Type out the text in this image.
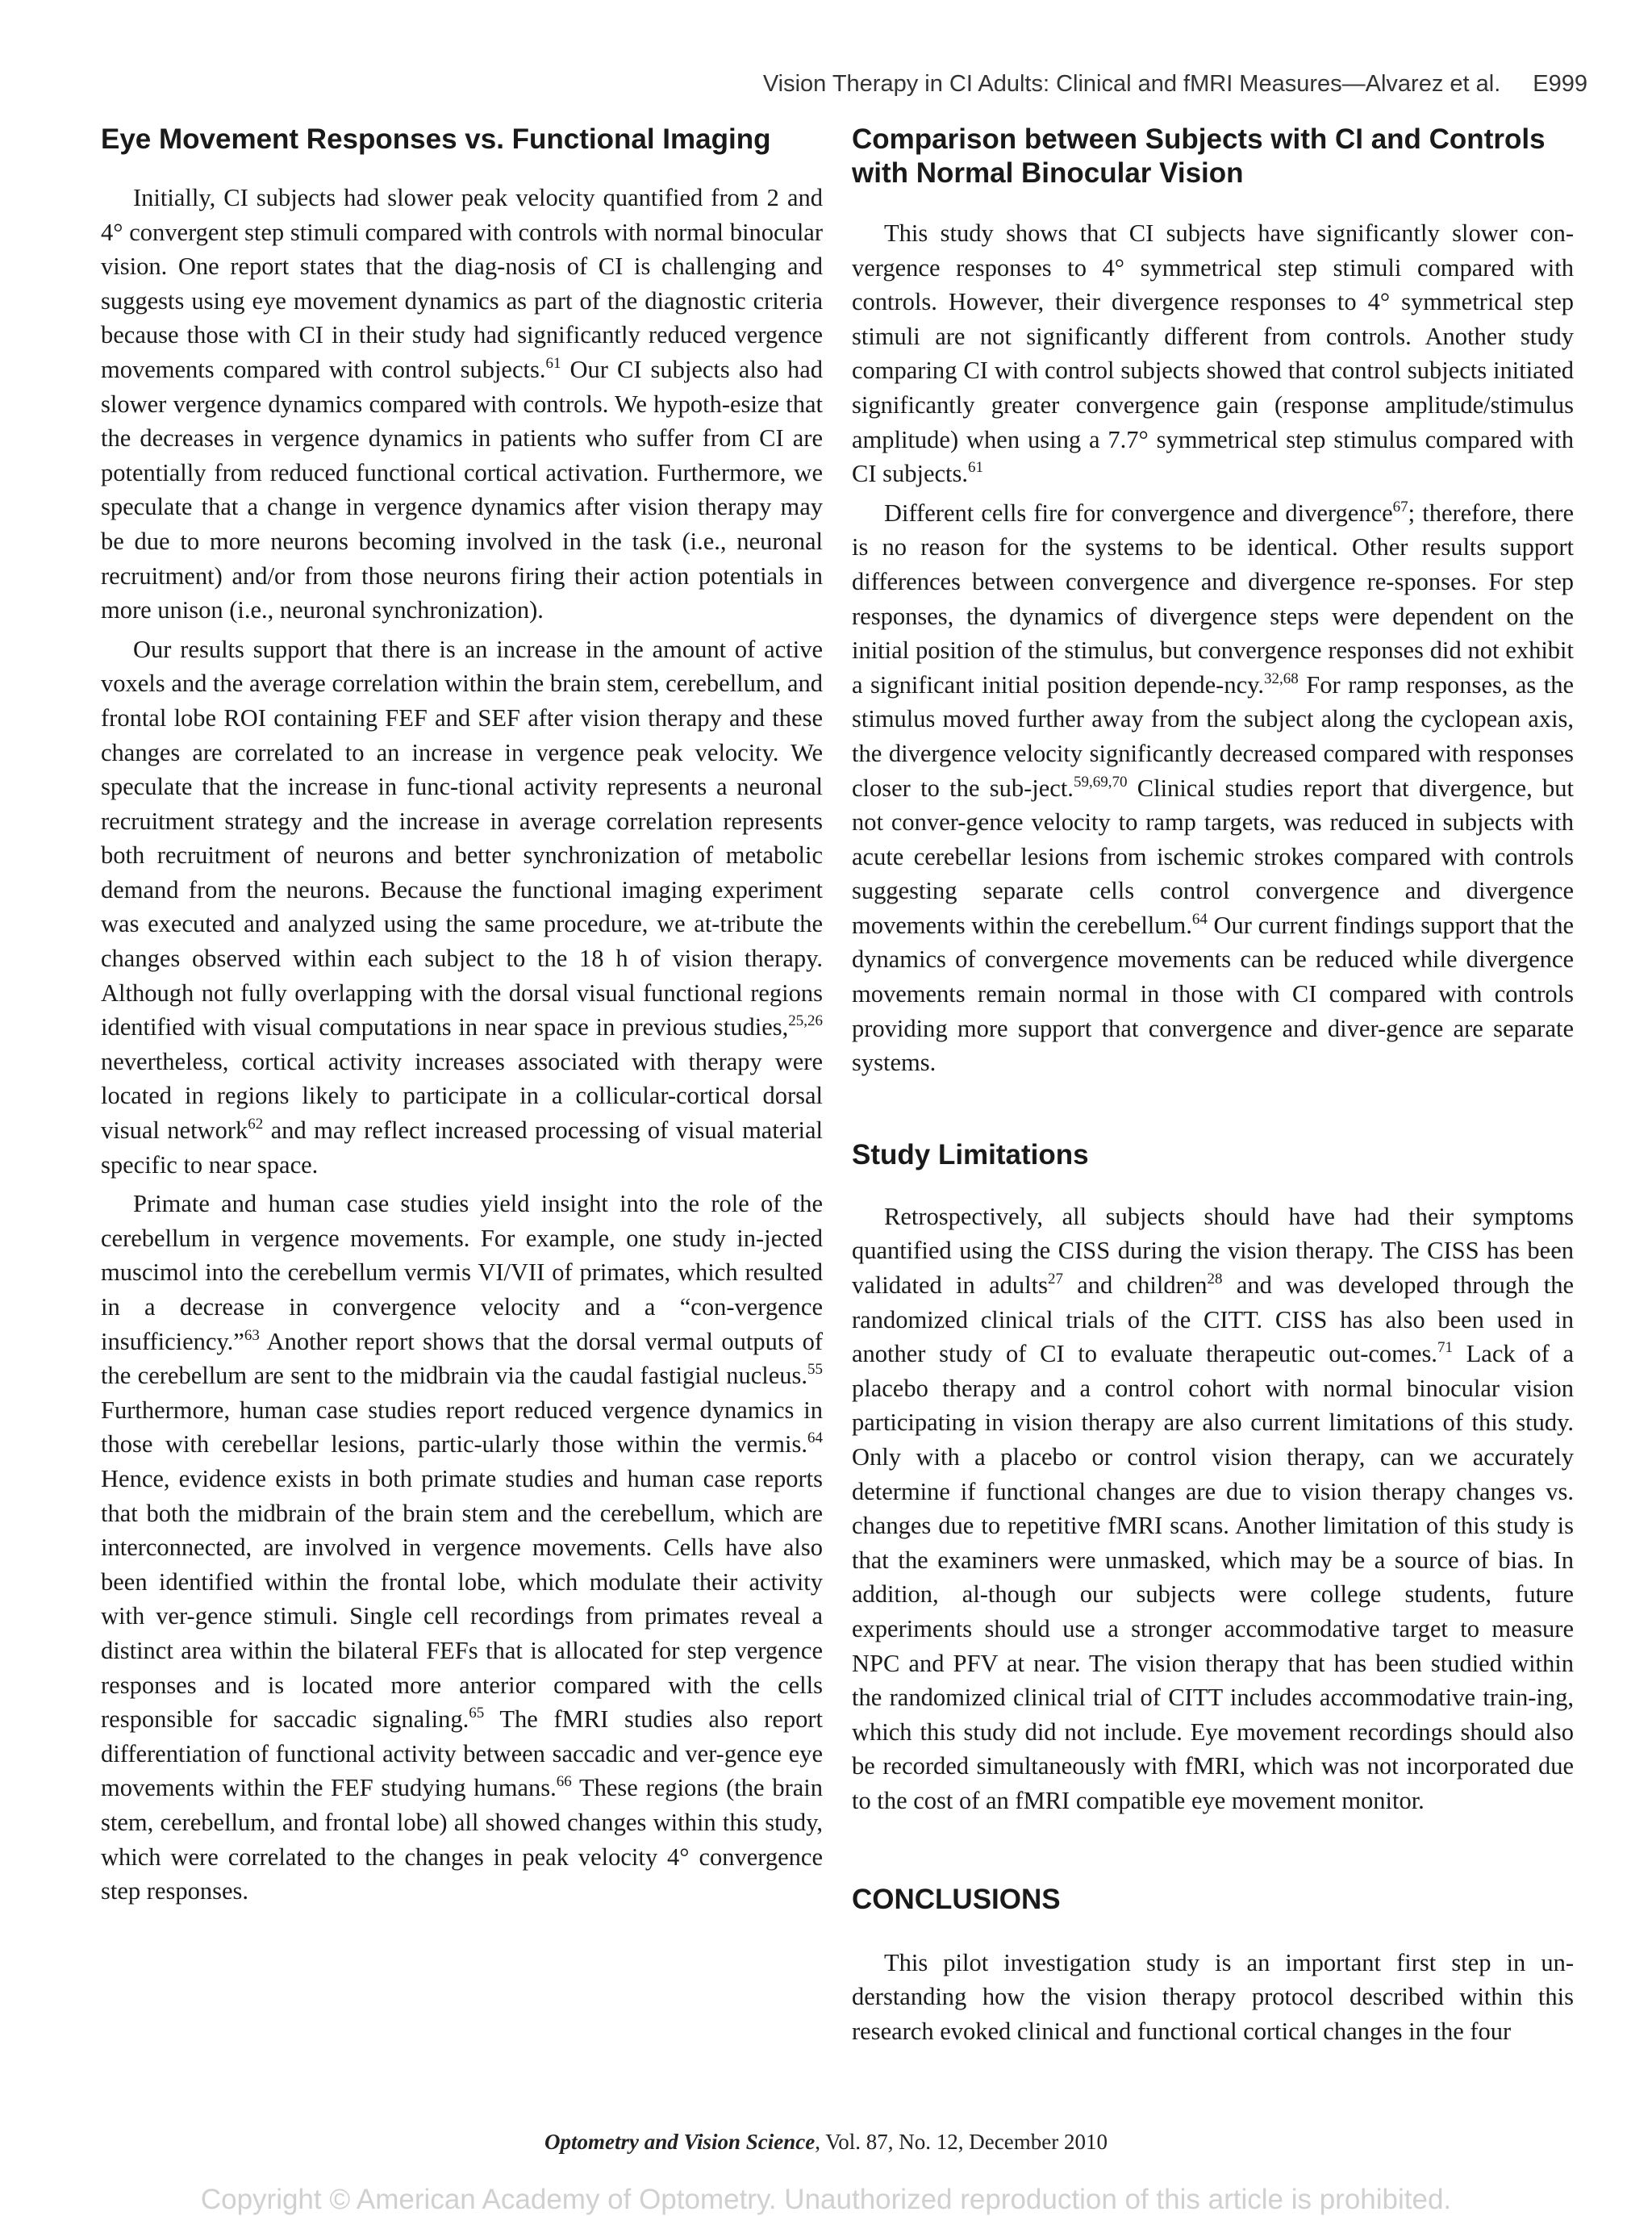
Vision Therapy in CI Adults: Clinical and fMRI Measures—Alvarez et al. E999
Eye Movement Responses vs. Functional Imaging

Initially, CI subjects had slower peak velocity quantified from 2 and 4° convergent step stimuli compared with controls with normal binocular vision. One report states that the diag-nosis of CI is challenging and suggests using eye movement dynamics as part of the diagnostic criteria because those with CI in their study had significantly reduced vergence movements compared with control subjects.$^{61}$ Our CI subjects also had slower vergence dynamics compared with controls. We hypoth-esize that the decreases in vergence dynamics in patients who suffer from CI are potentially from reduced functional cortical activation. Furthermore, we speculate that a change in vergence dynamics after vision therapy may be due to more neurons becoming involved in the task (i.e., neuronal recruitment) and/or from those neurons firing their action potentials in more unison (i.e., neuronal synchronization).

Our results support that there is an increase in the amount of active voxels and the average correlation within the brain stem, cerebellum, and frontal lobe ROI containing FEF and SEF after vision therapy and these changes are correlated to an increase in vergence peak velocity. We speculate that the increase in func-tional activity represents a neuronal recruitment strategy and the increase in average correlation represents both recruitment of neurons and better synchronization of metabolic demand from the neurons. Because the functional imaging experiment was executed and analyzed using the same procedure, we at-tribute the changes observed within each subject to the 18 h of vision therapy. Although not fully overlapping with the dorsal visual functional regions identified with visual computations in near space in previous studies,$^{25,26}$ nevertheless, cortical activity increases associated with therapy were located in regions likely to participate in a collicular-cortical dorsal visual network$^{62}$ and may reflect increased processing of visual material specific to near space.

Primate and human case studies yield insight into the role of the cerebellum in vergence movements. For example, one study in-jected muscimol into the cerebellum vermis VI/VII of primates, which resulted in a decrease in convergence velocity and a “con-vergence insufficiency.”$^{63}$ Another report shows that the dorsal vermal outputs of the cerebellum are sent to the midbrain via the caudal fastigial nucleus.$^{55}$ Furthermore, human case studies report reduced vergence dynamics in those with cerebellar lesions, partic-ularly those within the vermis.$^{64}$ Hence, evidence exists in both primate studies and human case reports that both the midbrain of the brain stem and the cerebellum, which are interconnected, are involved in vergence movements. Cells have also been identified within the frontal lobe, which modulate their activity with ver-gence stimuli. Single cell recordings from primates reveal a distinct area within the bilateral FEFs that is allocated for step vergence responses and is located more anterior compared with the cells responsible for saccadic signaling.$^{65}$ The fMRI studies also report differentiation of functional activity between saccadic and ver-gence eye movements within the FEF studying humans.$^{66}$ These regions (the brain stem, cerebellum, and frontal lobe) all showed changes within this study, which were correlated to the changes in peak velocity 4° convergence step responses.

Comparison between Subjects with CI and Controls with Normal Binocular Vision

This study shows that CI subjects have significantly slower con-vergence responses to 4° symmetrical step stimuli compared with controls. However, their divergence responses to 4° symmetrical step stimuli are not significantly different from controls. Another study comparing CI with control subjects showed that control subjects initiated significantly greater convergence gain (response amplitude/stimulus amplitude) when using a 7.7° symmetrical step stimulus compared with CI subjects.$^{61}$

Different cells fire for convergence and divergence$^{67}$; therefore, there is no reason for the systems to be identical. Other results support differences between convergence and divergence re-sponses. For step responses, the dynamics of divergence steps were dependent on the initial position of the stimulus, but convergence responses did not exhibit a significant initial position depende-ncy.$^{32,68}$ For ramp responses, as the stimulus moved further away from the subject along the cyclopean axis, the divergence velocity significantly decreased compared with responses closer to the sub-ject.$^{59,69,70}$ Clinical studies report that divergence, but not conver-gence velocity to ramp targets, was reduced in subjects with acute cerebellar lesions from ischemic strokes compared with controls suggesting separate cells control convergence and divergence movements within the cerebellum.$^{64}$ Our current findings support that the dynamics of convergence movements can be reduced while divergence movements remain normal in those with CI compared with controls providing more support that convergence and diver-gence are separate systems.

Study Limitations

Retrospectively, all subjects should have had their symptoms quantified using the CISS during the vision therapy. The CISS has been validated in adults$^{27}$ and children$^{28}$ and was developed through the randomized clinical trials of the CITT. CISS has also been used in another study of CI to evaluate therapeutic out-comes.$^{71}$ Lack of a placebo therapy and a control cohort with normal binocular vision participating in vision therapy are also current limitations of this study. Only with a placebo or control vision therapy, can we accurately determine if functional changes are due to vision therapy changes vs. changes due to repetitive fMRI scans. Another limitation of this study is that the examiners were unmasked, which may be a source of bias. In addition, al-though our subjects were college students, future experiments should use a stronger accommodative target to measure NPC and PFV at near. The vision therapy that has been studied within the randomized clinical trial of CITT includes accommodative train-ing, which this study did not include. Eye movement recordings should also be recorded simultaneously with fMRI, which was not incorporated due to the cost of an fMRI compatible eye movement monitor.

CONCLUSIONS

This pilot investigation study is an important first step in un-derstanding how the vision therapy protocol described within this research evoked clinical and functional cortical changes in the four

Optometry and Vision Science, Vol. 87, No. 12, December 2010
Copyright © American Academy of Optometry. Unauthorized reproduction of this article is prohibited.
